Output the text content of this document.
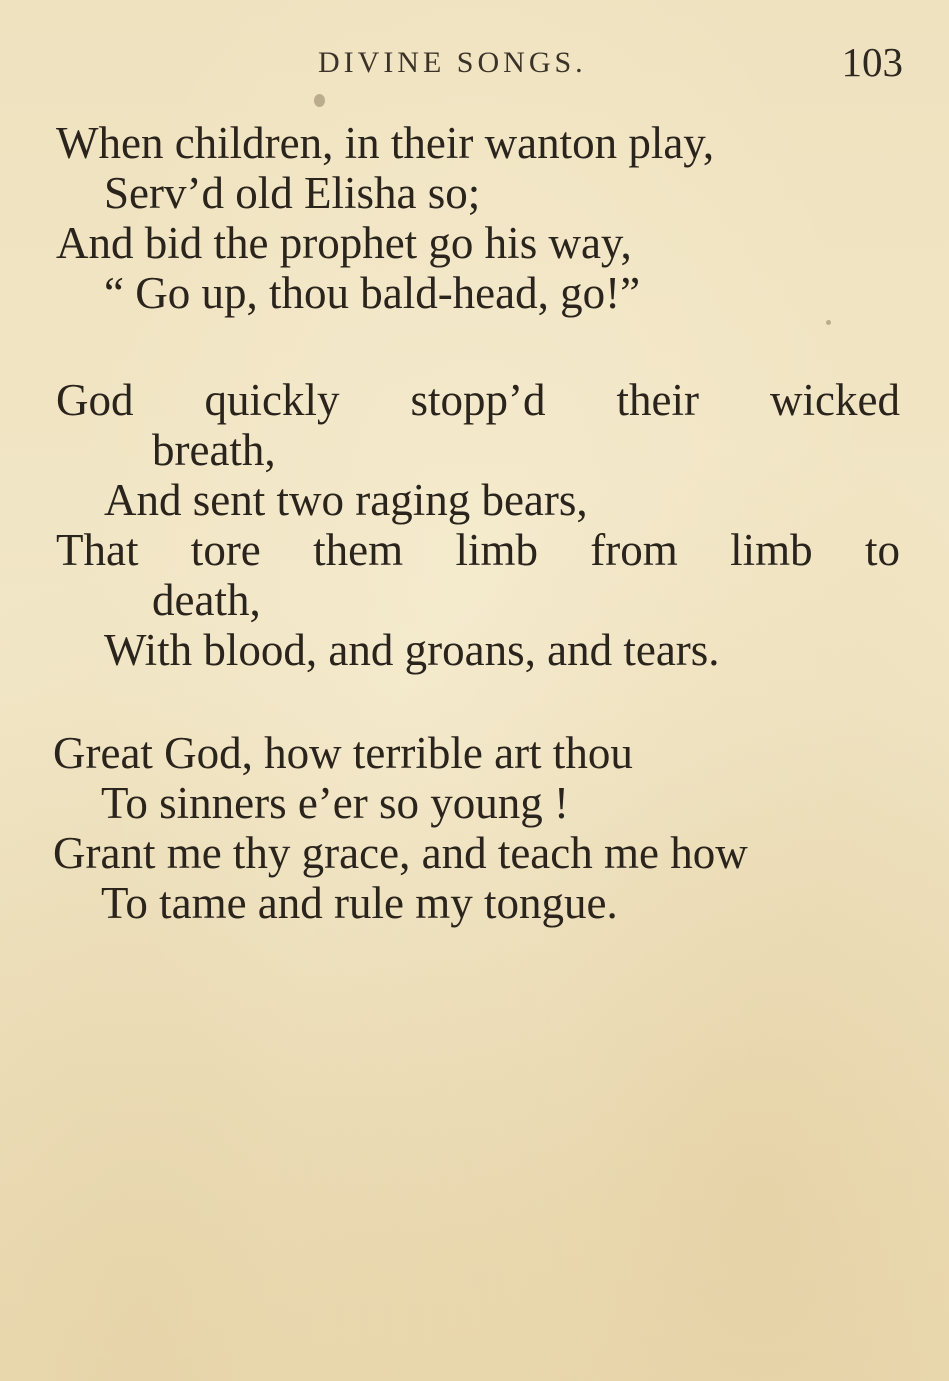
DIVINE SONGS.	103
When children, in their wanton play,
Serv’d old Elisha so;
And bid the prophet go his way,
“ Go up, thou bald-head, go!”
God quickly stopp’d their wicked
breath,
And sent two raging bears,
That tore them limb from limb to
death,
With blood, and groans, and tears.
Great God, how terrible art thou
To sinners e’er so young !
Grant me thy grace, and teach me how
To tame and rule my tongue.
